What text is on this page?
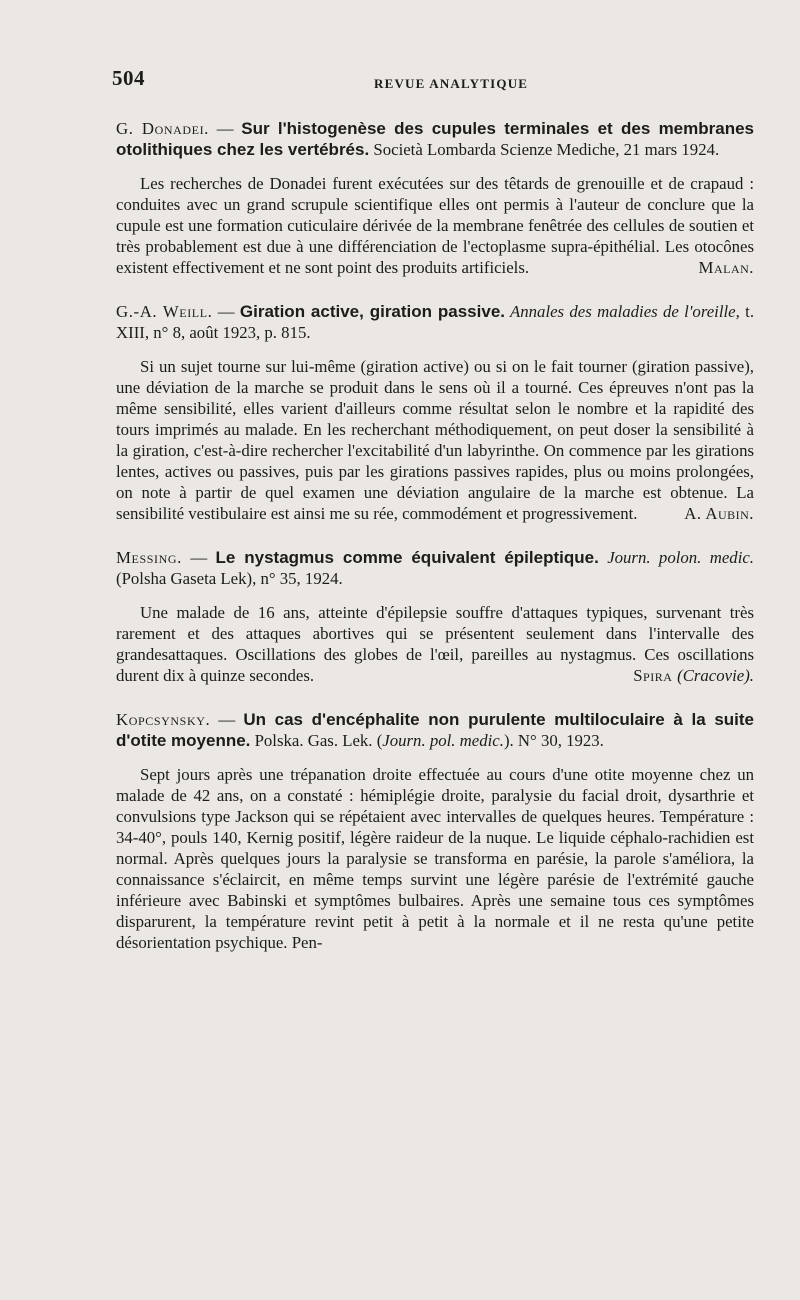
504	REVUE ANALYTIQUE

G. Donadei. — Sur l'histogenèse des cupules terminales et des membranes otolithiques chez les vertébrés. Società Lombarda Scienze Mediche, 21 mars 1924.

Les recherches de Donadei furent exécutées sur des têtards de grenouille et de crapaud : conduites avec un grand scrupule scientifique elles ont permis à l'auteur de conclure que la cupule est une formation cuticulaire dérivée de la membrane fenêtrée des cellules de soutien et très probablement est due à une différenciation de l'ectoplasme supra-épithélial. Les otocônes existent effectivement et ne sont point des produits artificiels.	Malan.

G.-A. Weill. — Giration active, giration passive. Annales des maladies de l'oreille, t. XIII, n° 8, août 1923, p. 815.

Si un sujet tourne sur lui-même (giration active) ou si on le fait tourner (giration passive), une déviation de la marche se produit dans le sens où il a tourné. Ces épreuves n'ont pas la même sensibilité, elles varient d'ailleurs comme résultat selon le nombre et la rapidité des tours imprimés au malade. En les recherchant méthodiquement, on peut doser la sensibilité à la giration, c'est-à-dire rechercher l'excitabilité d'un labyrinthe. On commence par les girations lentes, actives ou passives, puis par les girations passives rapides, plus ou moins prolongées, on note à partir de quel examen une déviation angulaire de la marche est obtenue. La sensibilité vestibulaire est ainsi me su rée, commodément et progressivement.	A. Aubin.

Messing. — Le nystagmus comme équivalent épileptique. Journ. polon. medic. (Polsha Gaseta Lek), n° 35, 1924.

Une malade de 16 ans, atteinte d'épilepsie souffre d'attaques typiques, survenant très rarement et des attaques abortives qui se présentent seulement dans l'intervalle des grandesattaques. Oscillations des globes de l'œil, pareilles au nystagmus. Ces oscillations durent dix à quinze secondes.	Spira (Cracovie).

Kopcsynsky. — Un cas d'encéphalite non purulente multiloculaire à la suite d'otite moyenne. Polska. Gas. Lek. (Journ. pol. medic.). N° 30, 1923.

Sept jours après une trépanation droite effectuée au cours d'une otite moyenne chez un malade de 42 ans, on a constaté : hémiplégie droite, paralysie du facial droit, dysarthrie et convulsions type Jackson qui se répétaient avec intervalles de quelques heures. Température : 34-40°, pouls 140, Kernig positif, légère raideur de la nuque. Le liquide céphalo-rachidien est normal. Après quelques jours la paralysie se transforma en parésie, la parole s'améliora, la connaissance s'éclaircit, en même temps survint une légère parésie de l'extrémité gauche inférieure avec Babinski et symptômes bulbaires. Après une semaine tous ces symptômes disparurent, la température revint petit à petit à la normale et il ne resta qu'une petite désorientation psychique. Pen-
